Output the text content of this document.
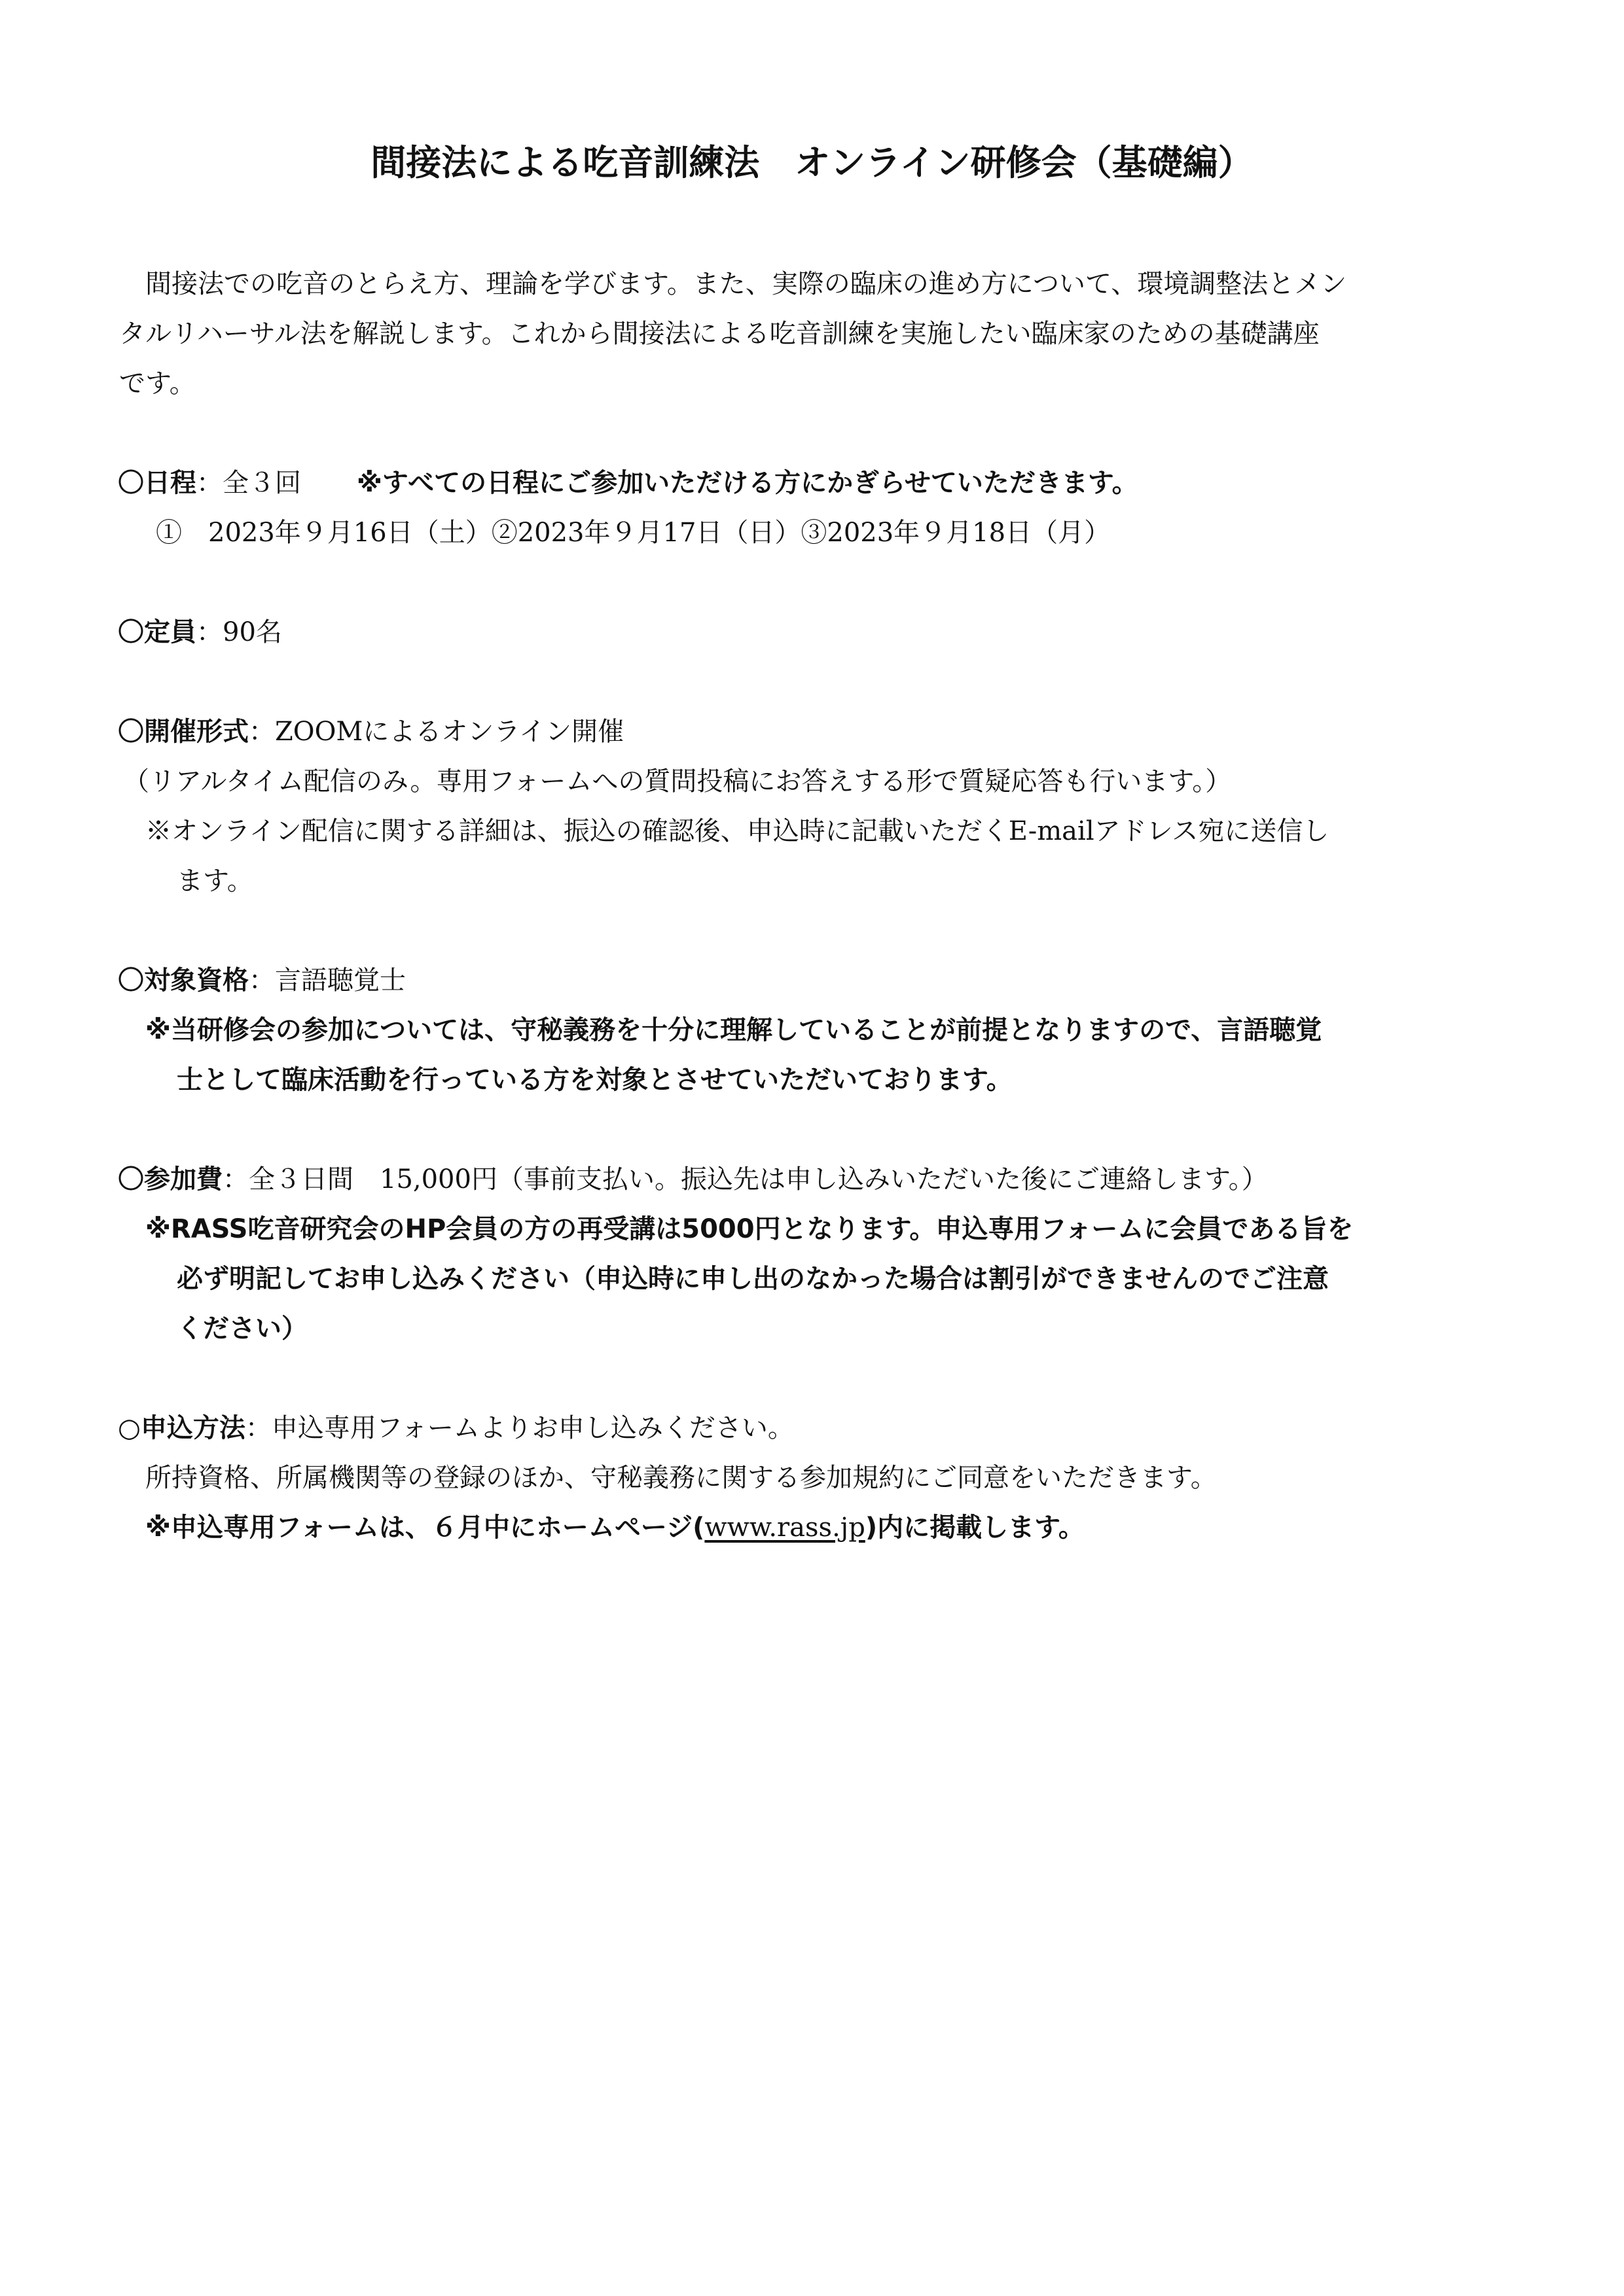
間接法による吃音訓練法　オンライン研修会（基礎編）
間接法での吃音のとらえ方、理論を学びます。また、実際の臨床の進め方について、環境調整法とメン
タルリハーサル法を解説します。これから間接法による吃音訓練を実施したい臨床家のための基礎講座
です。
〇日程：全３回 ※すべての日程にご参加いただける方にかぎらせていただきます。
①　2023年９月16日（土）②2023年９月17日（日）③2023年９月18日（月）
〇定員：90名
〇開催形式：ZOOMによるオンライン開催
（リアルタイム配信のみ。専用フォームへの質問投稿にお答えする形で質疑応答も行います。）
※オンライン配信に関する詳細は、振込の確認後、申込時に記載いただくE-mailアドレス宛に送信し
ます。
〇対象資格：言語聴覚士
※当研修会の参加については、守秘義務を十分に理解していることが前提となりますので、言語聴覚
士として臨床活動を行っている方を対象とさせていただいております。
〇参加費：全３日間　15,000円（事前支払い。振込先は申し込みいただいた後にご連絡します。）
※RASS吃音研究会のHP会員の方の再受講は5000円となります。申込専用フォームに会員である旨を
必ず明記してお申し込みください（申込時に申し出のなかった場合は割引ができませんのでご注意
ください）
○申込方法：申込専用フォームよりお申し込みください。
所持資格、所属機関等の登録のほか、守秘義務に関する参加規約にご同意をいただきます。
※申込専用フォームは、６月中にホームページ(www.rass.jp)内に掲載します。
